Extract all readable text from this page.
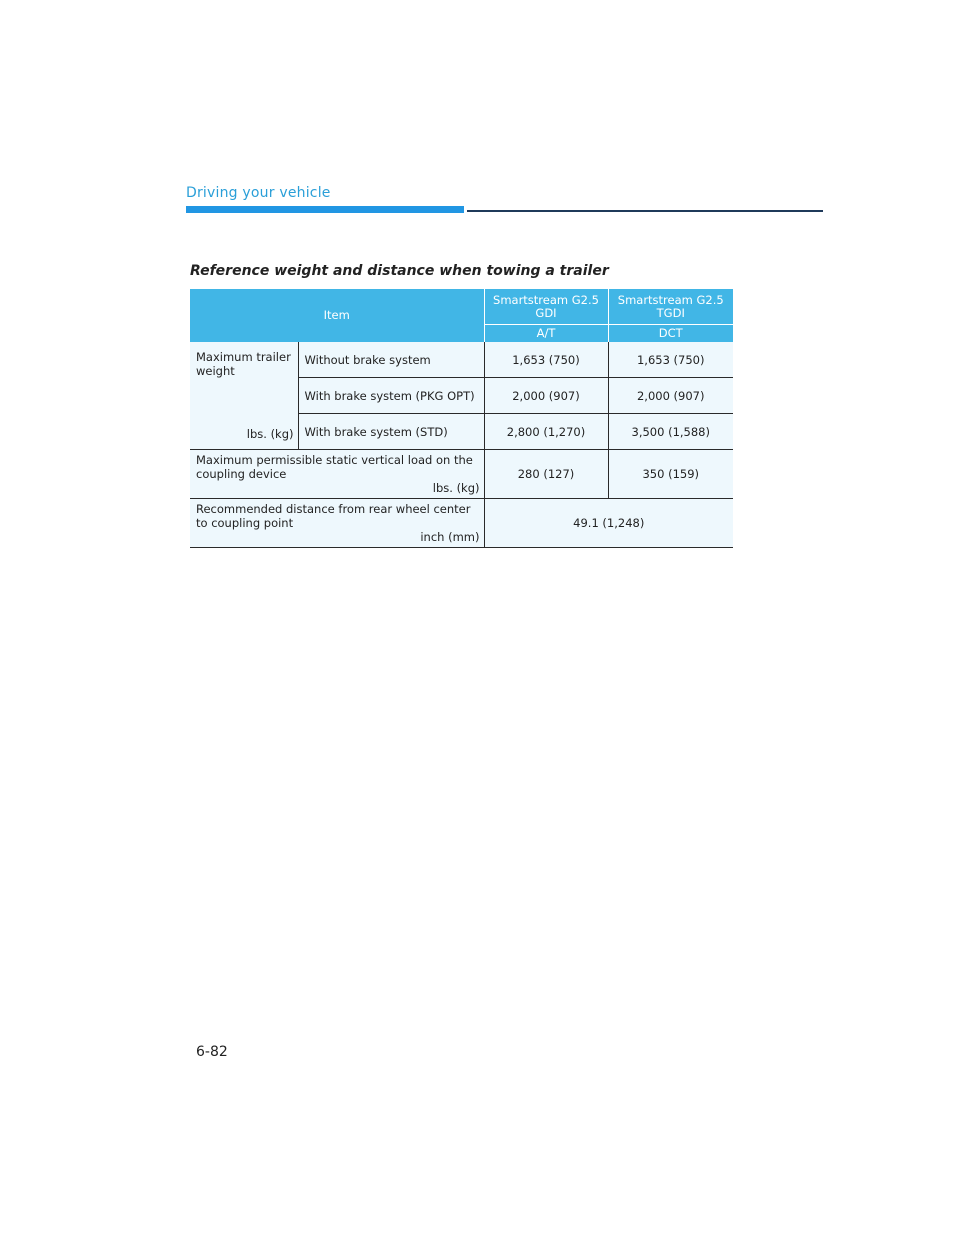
Driving your vehicle
Reference weight and distance when towing a trailer
Item		Smartstream G2.5 GDI	Smartstream G2.5 TGDI
		A/T	DCT
Maximum trailer weight
lbs. (kg)	Without brake system	1,653 (750)	1,653 (750)
	With brake system (PKG OPT)	2,000 (907)	2,000 (907)
	With brake system (STD)	2,800 (1,270)	3,500 (1,588)
Maximum permissible static vertical load on the coupling device
lbs. (kg)		280 (127)	350 (159)
Recommended distance from rear wheel center to coupling point
inch (mm)		49.1 (1,248)	
6-82
